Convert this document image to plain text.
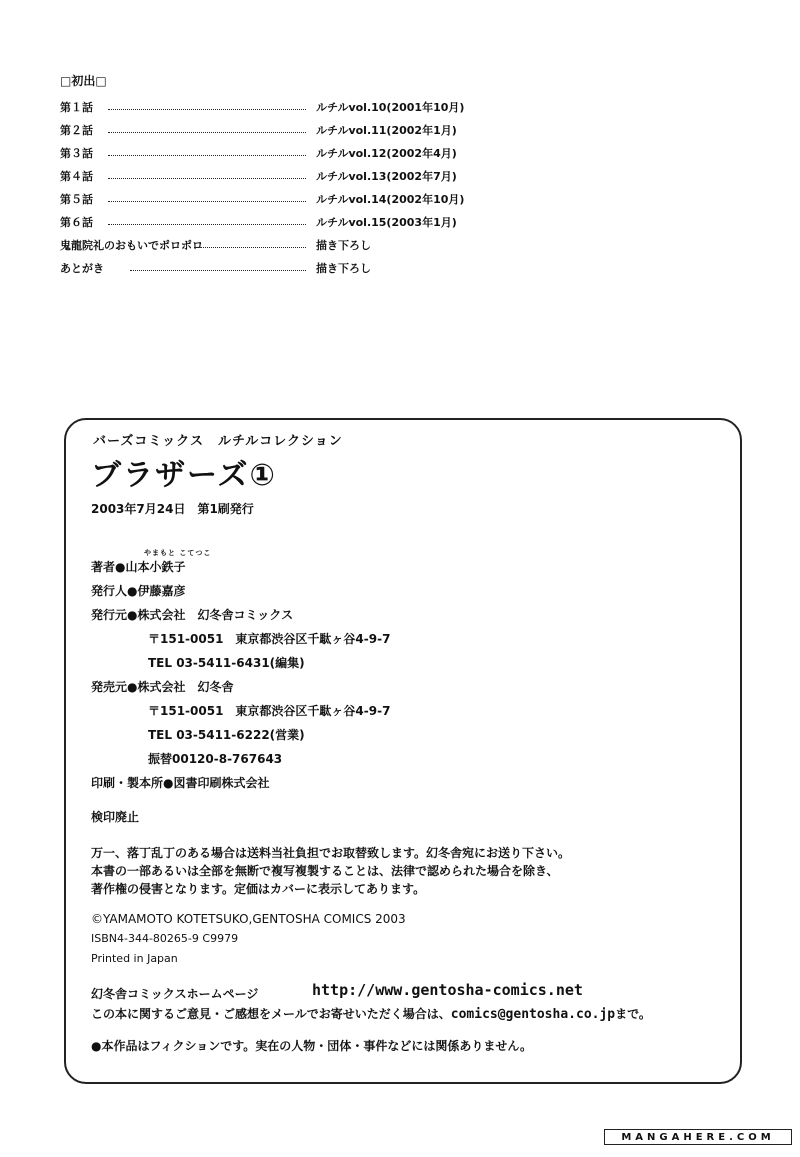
□初出□
第１話	ルチルvol.10(2001年10月)
第２話	ルチルvol.11(2002年1月)
第３話	ルチルvol.12(2002年4月)
第４話	ルチルvol.13(2002年7月)
第５話	ルチルvol.14(2002年10月)
第６話	ルチルvol.15(2003年1月)
鬼龍院礼のおもいでポロポロ	描き下ろし
あとがき	描き下ろし
バーズコミックス　ルチルコレクション
ブラザーズ①
2003年7月24日　第1刷発行
やまもと こてつこ
著者●山本小鉄子
発行人●伊藤嘉彦
発行元●株式会社　幻冬舎コミックス
〒151-0051　東京都渋谷区千駄ヶ谷4-9-7
TEL 03-5411-6431(編集)
発売元●株式会社　幻冬舎
〒151-0051　東京都渋谷区千駄ヶ谷4-9-7
TEL 03-5411-6222(営業)
振替00120-8-767643
印刷・製本所●図書印刷株式会社
検印廃止
万一、落丁乱丁のある場合は送料当社負担でお取替致します。幻冬舎宛にお送り下さい。
本書の一部あるいは全部を無断で複写複製することは、法律で認められた場合を除き、
著作権の侵害となります。定価はカバーに表示してあります。
©YAMAMOTO KOTETSUKO,GENTOSHA COMICS 2003
ISBN4-344-80265-9 C9979
Printed in Japan
幻冬舎コミックスホームページ	http://www.gentosha-comics.net
この本に関するご意見・ご感想をメールでお寄せいただく場合は、comics@gentosha.co.jpまで。
●本作品はフィクションです。実在の人物・団体・事件などには関係ありません。
MANGAHERE.COM
